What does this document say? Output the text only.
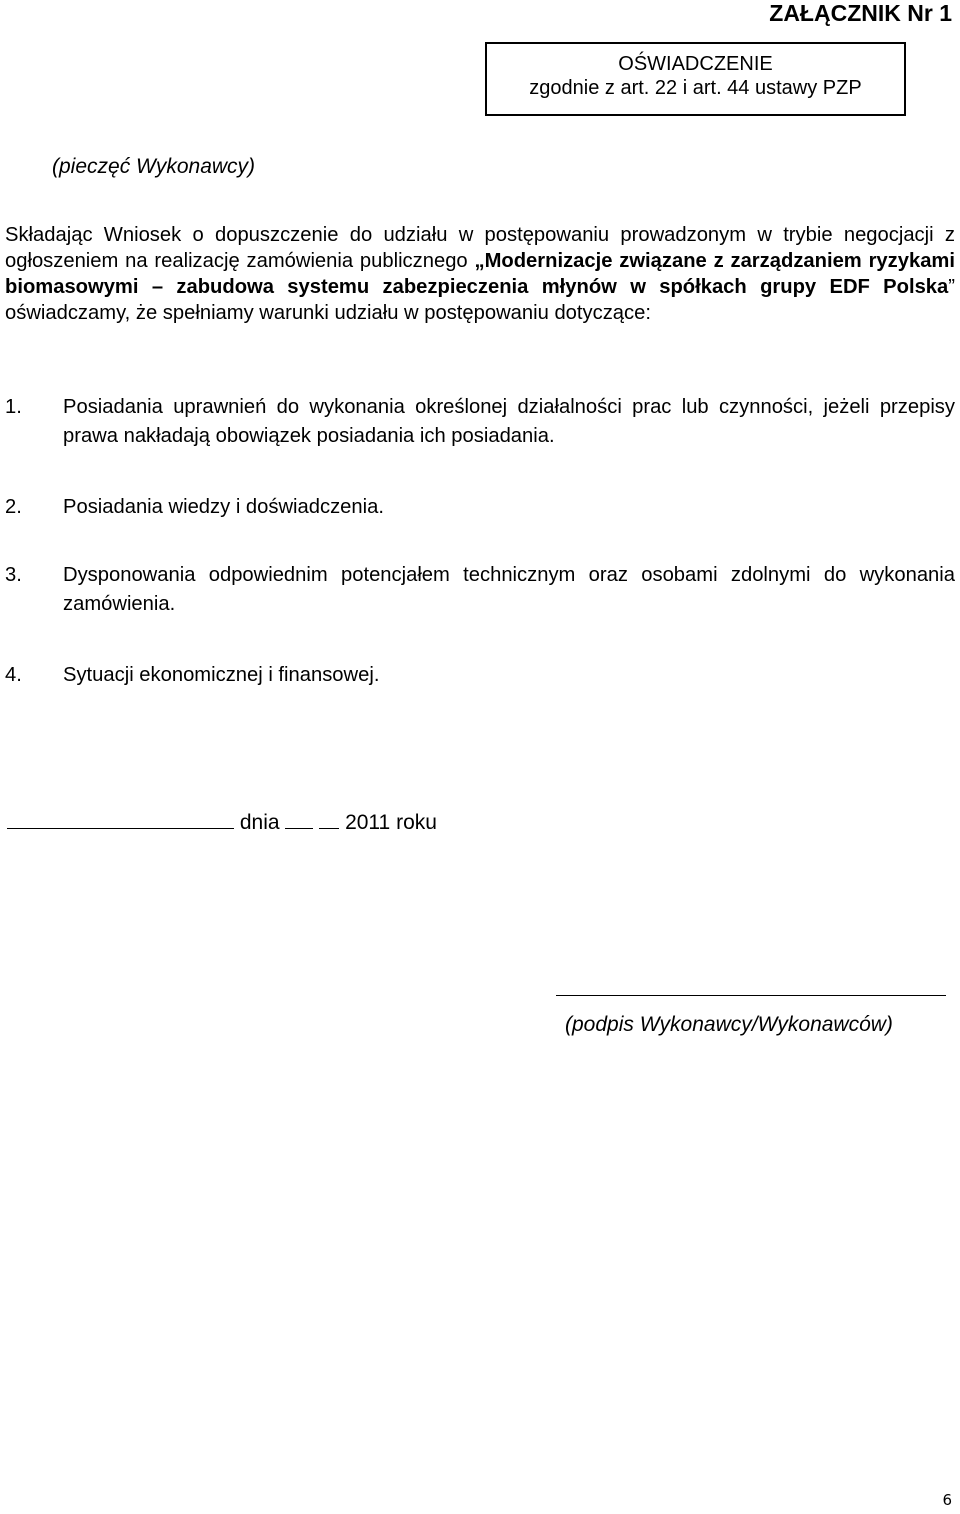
ZAŁĄCZNIK Nr 1
OŚWIADCZENIE
zgodnie z art. 22 i art. 44 ustawy PZP
(pieczęć Wykonawcy)
Składając Wniosek o dopuszczenie do udziału w postępowaniu prowadzonym w trybie negocjacji z ogłoszeniem na realizację zamówienia publicznego „Modernizacje związane z zarządzaniem ryzykami biomasowymi – zabudowa systemu zabezpieczenia młynów w spółkach grupy EDF Polska” oświadczamy, że spełniamy warunki udziału w postępowaniu dotyczące:
1. Posiadania uprawnień do wykonania określonej działalności prac lub czynności, jeżeli przepisy prawa nakładają obowiązek posiadania ich posiadania.
2. Posiadania wiedzy i doświadczenia.
3. Dysponowania odpowiednim potencjałem technicznym oraz osobami zdolnymi do wykonania zamówienia.
4. Sytuacji ekonomicznej i finansowej.
dnia	2011 roku
(podpis Wykonawcy/Wykonawców)
6
